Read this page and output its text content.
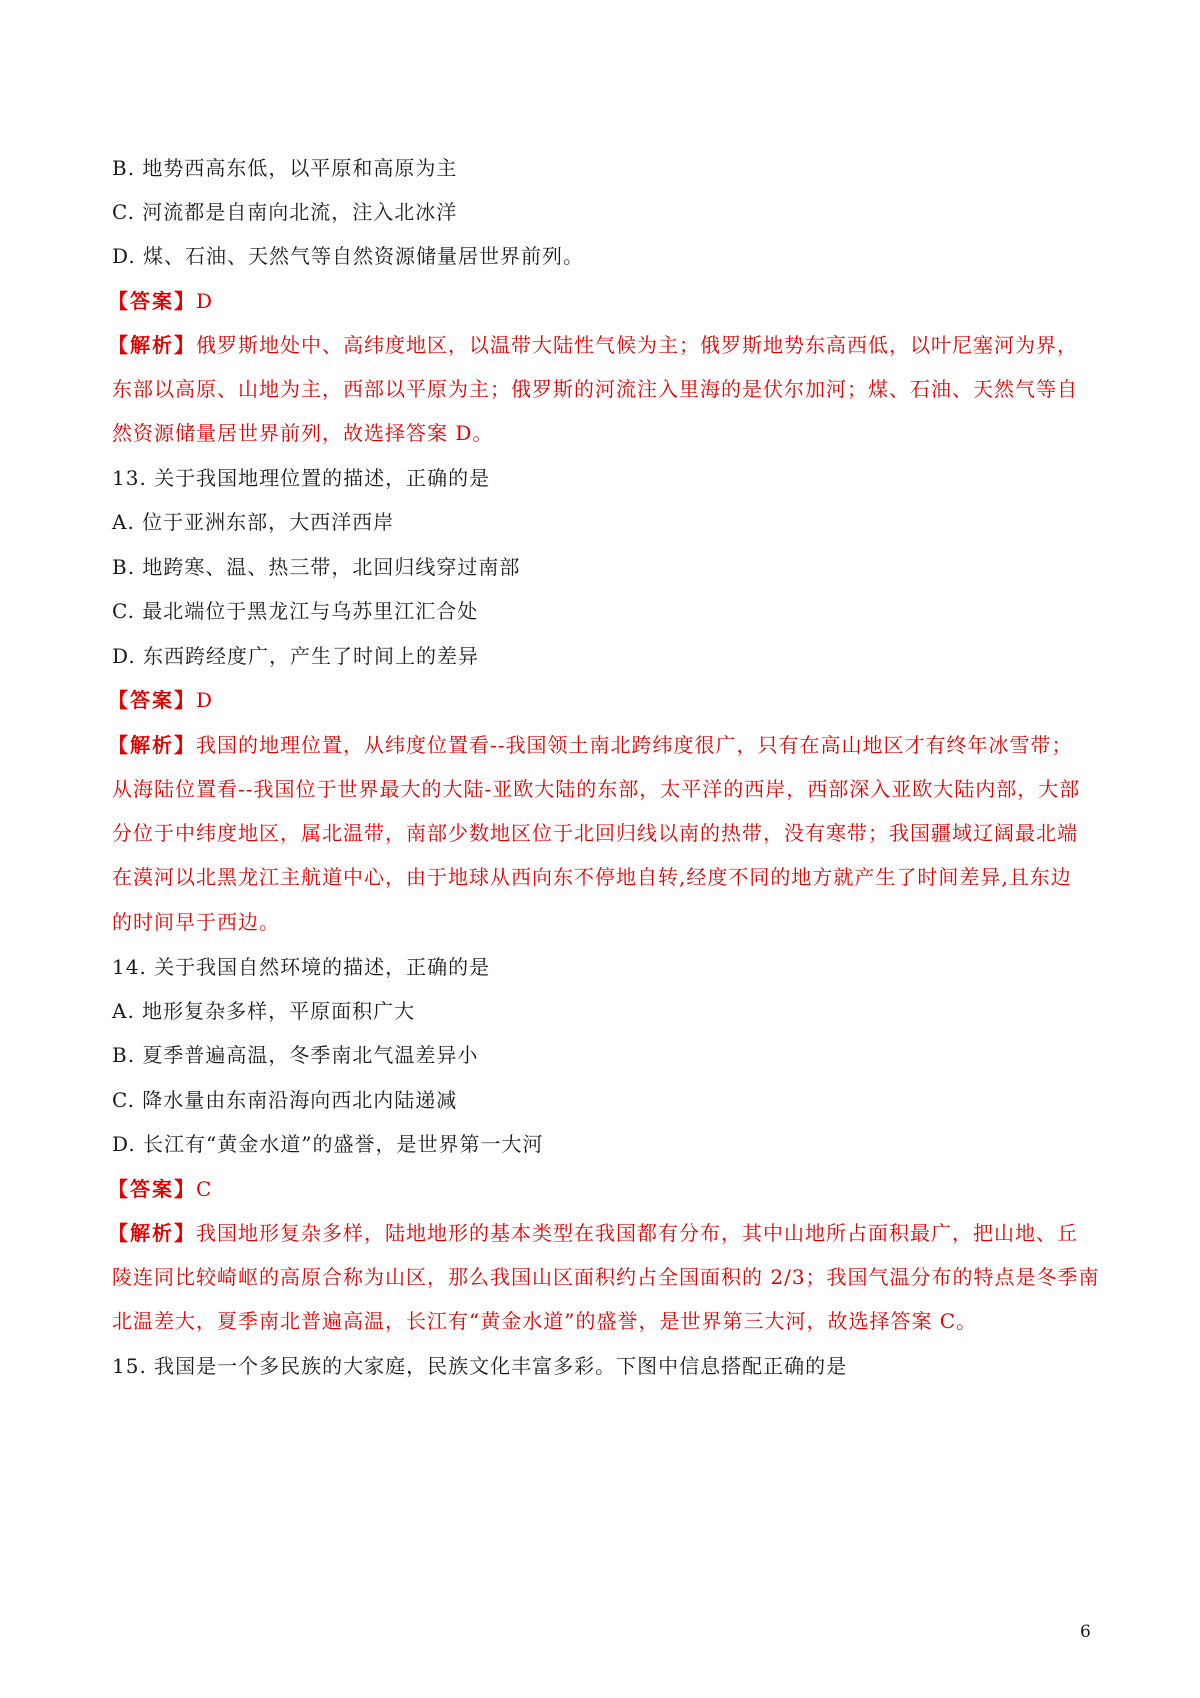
B. 地势西高东低，以平原和高原为主
C. 河流都是自南向北流，注入北冰洋
D. 煤、石油、天然气等自然资源储量居世界前列。
【答案】D
【解析】俄罗斯地处中、高纬度地区，以温带大陆性气候为主；俄罗斯地势东高西低，以叶尼塞河为界，
东部以高原、山地为主，西部以平原为主；俄罗斯的河流注入里海的是伏尔加河；煤、石油、天然气等自
然资源储量居世界前列，故选择答案 D。
13. 关于我国地理位置的描述，正确的是
A. 位于亚洲东部，大西洋西岸
B. 地跨寒、温、热三带，北回归线穿过南部
C. 最北端位于黑龙江与乌苏里江汇合处
D. 东西跨经度广，产生了时间上的差异
【答案】D
【解析】我国的地理位置，从纬度位置看--我国领土南北跨纬度很广，只有在高山地区才有终年冰雪带；
从海陆位置看--我国位于世界最大的大陆-亚欧大陆的东部，太平洋的西岸，西部深入亚欧大陆内部，大部
分位于中纬度地区，属北温带，南部少数地区位于北回归线以南的热带，没有寒带；我国疆域辽阔最北端
在漠河以北黑龙江主航道中心，由于地球从西向东不停地自转,经度不同的地方就产生了时间差异,且东边
的时间早于西边。
14. 关于我国自然环境的描述，正确的是
A. 地形复杂多样，平原面积广大
B. 夏季普遍高温，冬季南北气温差异小
C. 降水量由东南沿海向西北内陆递减
D. 长江有“黄金水道”的盛誉，是世界第一大河
【答案】C
【解析】我国地形复杂多样，陆地地形的基本类型在我国都有分布，其中山地所占面积最广，把山地、丘
陵连同比较崎岖的高原合称为山区，那么我国山区面积约占全国面积的 2/3；我国气温分布的特点是冬季南
北温差大，夏季南北普遍高温，长江有“黄金水道”的盛誉，是世界第三大河，故选择答案 C。
15. 我国是一个多民族的大家庭，民族文化丰富多彩。下图中信息搭配正确的是
6
